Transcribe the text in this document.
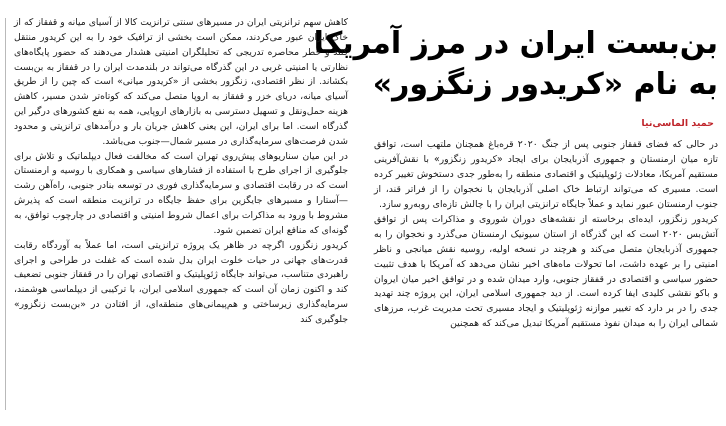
بن‌بست ایران در مرز آمریکا
به نام «کریدور زنگزور»
حمید الماسی‌نیا

در حالی که فضای قفقاز جنوبی پس از جنگ ۲۰۲۰ قره‌باغ همچنان ملتهب است، توافق تازه میان ارمنستان و جمهوری آذربایجان برای ایجاد «کریدور زنگزور» با نقش‌آفرینی مستقیم آمریکا، معادلات ژئوپلیتیک و اقتصادی منطقه را به‌طور جدی دستخوش تغییر کرده است. مسیری که می‌تواند ارتباط خاک اصلی آذربایجان با نخجوان را از فراتر قند، از جنوب ارمنستان عبور نماید و عملاً جایگاه ترانزیتی ایران را با چالش تازه‌ای روبه‌رو سازد.

کریدور زنگزور، ایده‌ای برخاسته از نقشه‌های دوران شوروی و مذاکرات پس از توافق آتش‌بس ۲۰۲۰ است که این گذرگاه از استان سیونیک ارمنستان می‌گذرد و نخجوان را به جمهوری آذربایجان متصل می‌کند و هرچند در نسخه اولیه، روسیه نقش میانجی و ناظر امنیتی را بر عهده داشت، اما تحولات ماه‌های اخیر نشان می‌دهد که آمریکا با هدف تثبیت حضور سیاسی و اقتصادی در قفقاز جنوبی، وارد میدان شده و در توافق اخیر میان ایروان و باکو نقشی کلیدی ایفا کرده است. از دید جمهوری اسلامی ایران، این پروژه چند تهدید جدی را در بر دارد که تغییر موازنه ژئوپلیتیک و ایجاد مسیری تحت مدیریت غرب، مرزهای شمالی ایران را به میدان نفوذ مستقیم آمریکا تبدیل می‌کند که همچنین

کاهش سهم ترانزیتی ایران در مسیرهای سنتی ترانزیت کالا از آسیای میانه و قفقاز که از خاک ایران عبور می‌کردند، ممکن است بخشی از ترافیک خود را به این کریدور منتقل کنند و خطر محاصره تدریجی که تحلیلگران امنیتی هشدار می‌دهند که حضور پایگاه‌های نظارتی یا امنیتی غربی در این گذرگاه می‌تواند در بلندمدت ایران را در قفقاز به بن‌بست بکشاند. از نظر اقتصادی، زنگزور بخشی از «کریدور میانی» است که چین را از طریق آسیای میانه، دریای خزر و قفقاز به اروپا متصل می‌کند که کوتاه‌تر شدن مسیر، کاهش هزینه حمل‌ونقل و تسهیل دسترسی به بازارهای اروپایی، همه به نفع کشورهای درگیر این گذرگاه است. اما برای ایران، این یعنی کاهش جریان بار و درآمدهای ترانزیتی و محدود شدن فرصت‌های سرمایه‌گذاری در مسیر شمال—جنوب می‌باشد.

در این میان سناریوهای پیش‌روی تهران است که مخالفت فعال دیپلماتیک و تلاش برای جلوگیری از اجرای طرح با استفاده از فشارهای سیاسی و همکاری با روسیه و ارمنستان است که در رقابت اقتصادی و سرمایه‌گذاری فوری در توسعه بنادر جنوبی، راه‌آهن رشت—آستارا و مسیرهای جایگزین برای حفظ جایگاه در ترانزیت منطقه است که پذیرش مشروط با ورود به مذاکرات برای اعمال شروط امنیتی و اقتصادی در چارچوب توافق، به گونه‌ای که منافع ایران تضمین شود.

کریدور زنگزور، اگرچه در ظاهر یک پروژه ترانزیتی است، اما عملاً به آوردگاه رقابت قدرت‌های جهانی در حیات خلوت ایران بدل شده است که غفلت در طراحی و اجرای راهبردی متناسب، می‌تواند جایگاه ژئوپلیتیک و اقتصادی تهران را در قفقاز جنوبی تضعیف کند و اکنون زمان آن است که جمهوری اسلامی ایران، با ترکیبی از دیپلماسی هوشمند، سرمایه‌گذاری زیرساختی و هم‌پیمانی‌های منطقه‌ای، از افتادن در «بن‌بست زنگزور» جلوگیری کند
